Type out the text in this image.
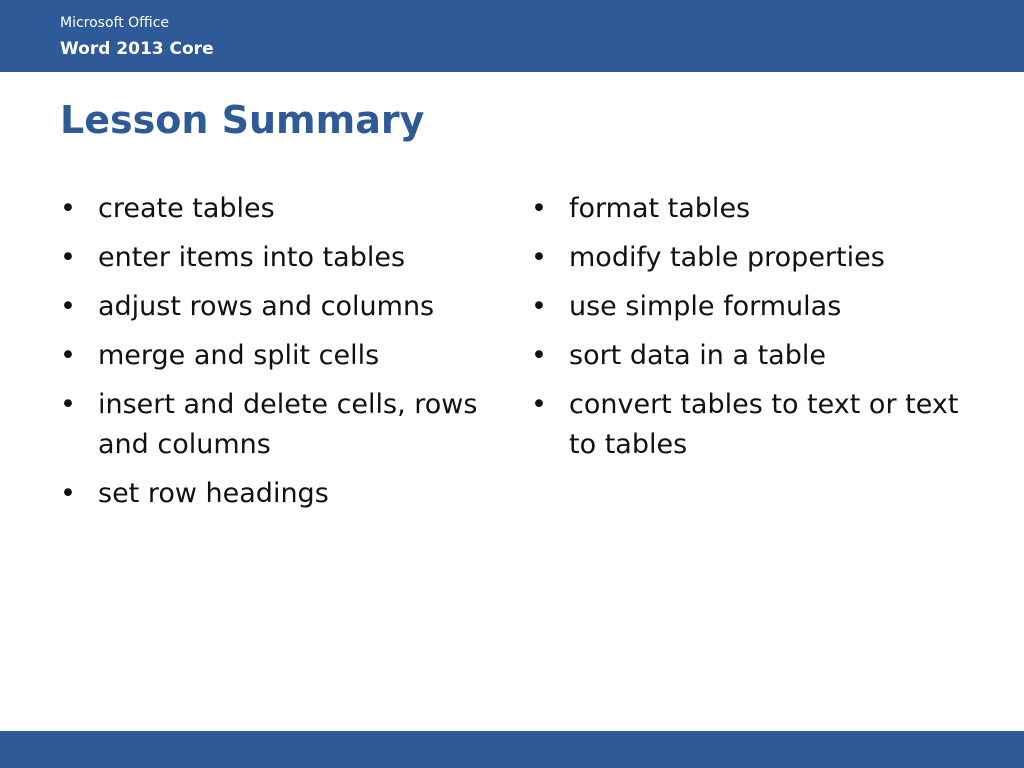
Microsoft Office
Word 2013 Core
Lesson Summary
• create tables
• enter items into tables
• adjust rows and columns
• merge and split cells
• insert and delete cells, rows and columns
• set row headings
• format tables
• modify table properties
• use simple formulas
• sort data in a table
• convert tables to text or text to tables
